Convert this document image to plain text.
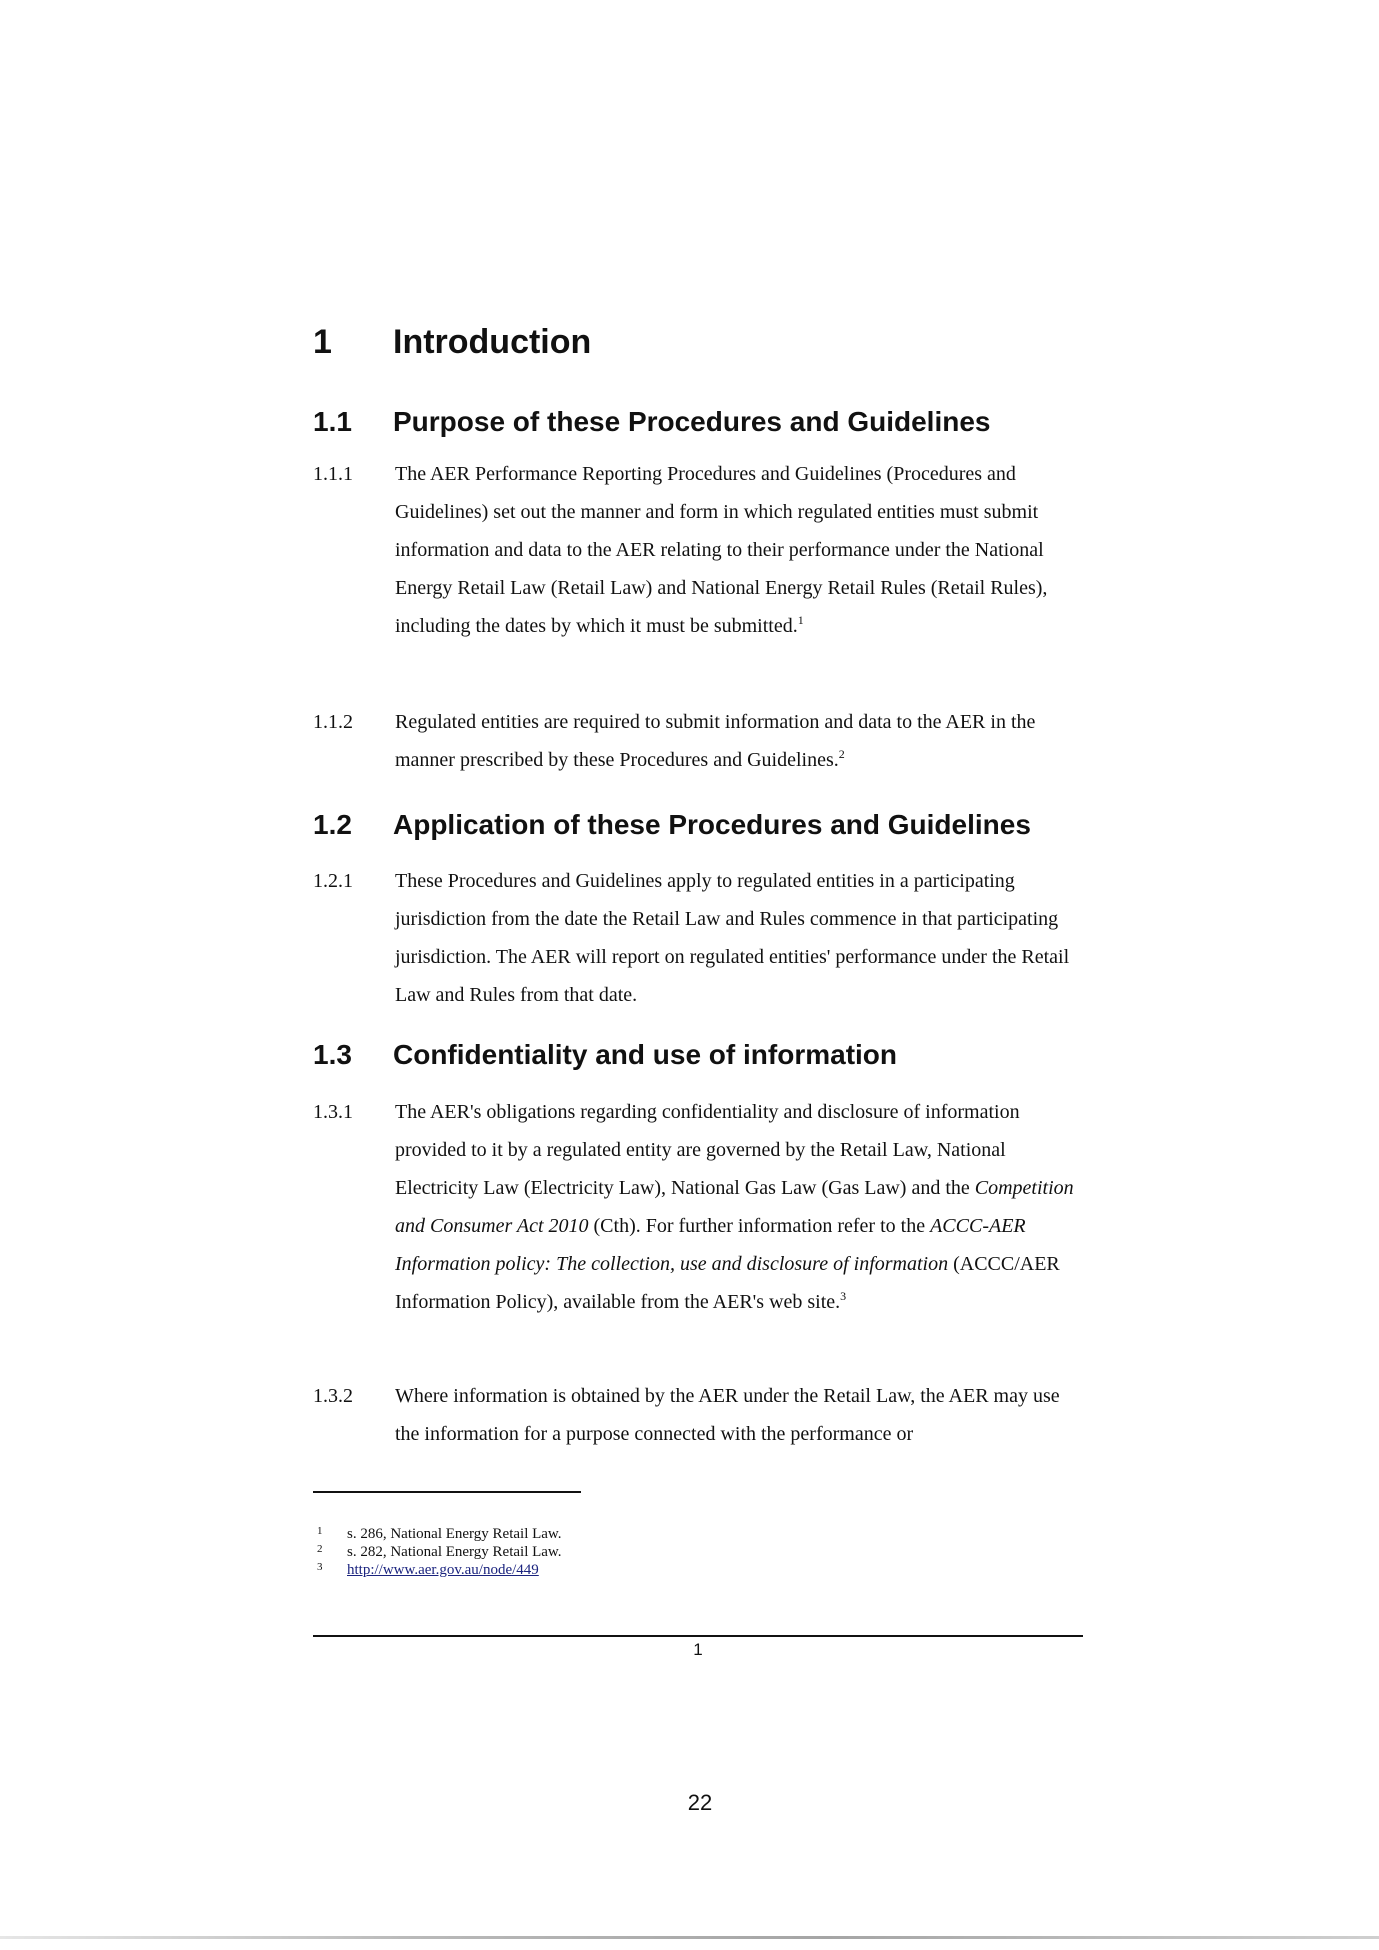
1 Introduction
1.1 Purpose of these Procedures and Guidelines
1.1.1 The AER Performance Reporting Procedures and Guidelines (Procedures and Guidelines) set out the manner and form in which regulated entities must submit information and data to the AER relating to their performance under the National Energy Retail Law (Retail Law) and National Energy Retail Rules (Retail Rules), including the dates by which it must be submitted.$^1$
1.1.2 Regulated entities are required to submit information and data to the AER in the manner prescribed by these Procedures and Guidelines.$^2$
1.2 Application of these Procedures and Guidelines
1.2.1 These Procedures and Guidelines apply to regulated entities in a participating jurisdiction from the date the Retail Law and Rules commence in that participating jurisdiction. The AER will report on regulated entities' performance under the Retail Law and Rules from that date.
1.3 Confidentiality and use of information
1.3.1 The AER's obligations regarding confidentiality and disclosure of information provided to it by a regulated entity are governed by the Retail Law, National Electricity Law (Electricity Law), National Gas Law (Gas Law) and the Competition and Consumer Act 2010 (Cth). For further information refer to the ACCC-AER Information policy: The collection, use and disclosure of information (ACCC/AER Information Policy), available from the AER's web site.$^3$
1.3.2 Where information is obtained by the AER under the Retail Law, the AER may use the information for a purpose connected with the performance or
1 s. 286, National Energy Retail Law.
2 s. 282, National Energy Retail Law.
3 http://www.aer.gov.au/node/449
1
22
